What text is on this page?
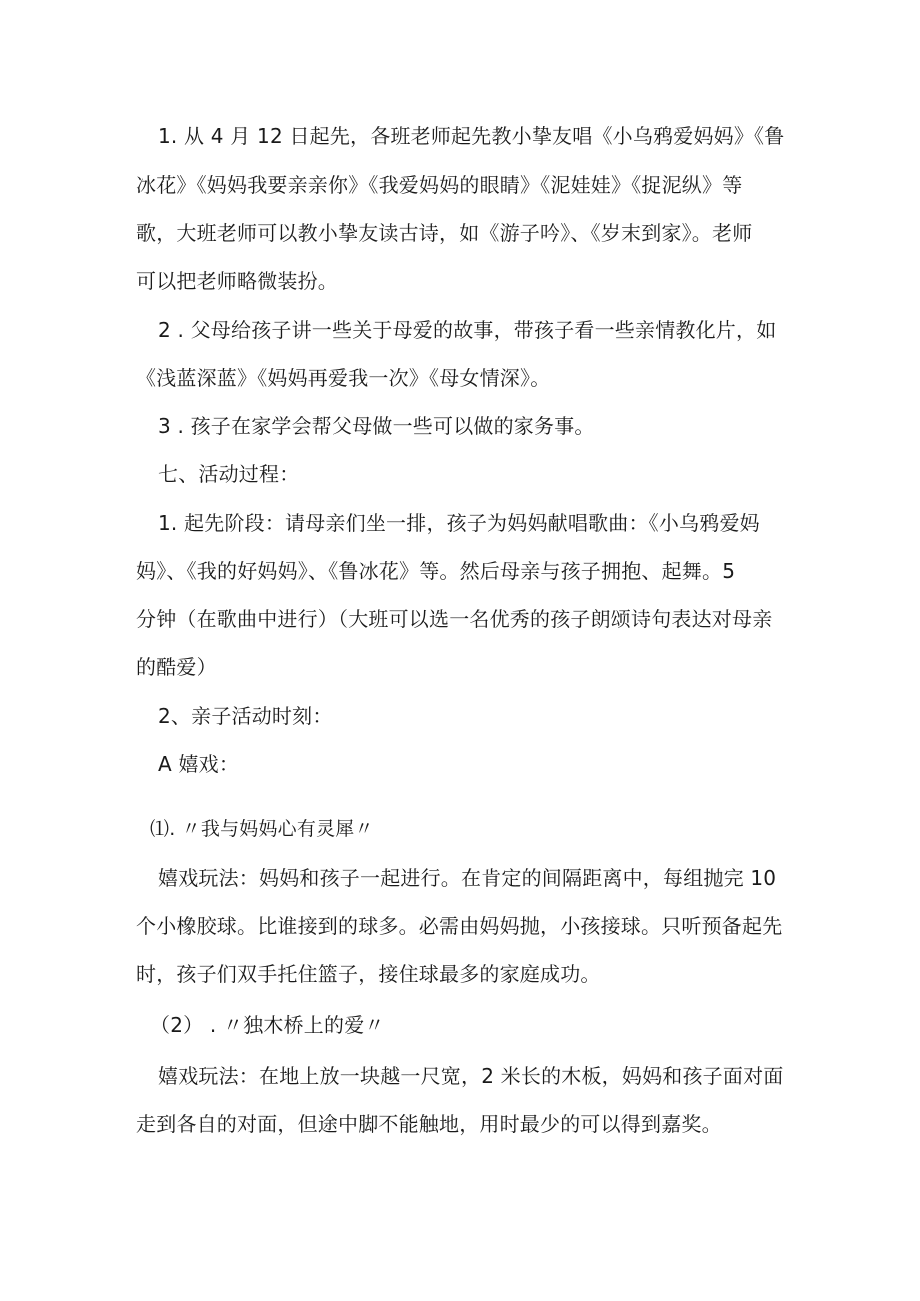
1. 从 4 月 12 日起先，各班老师起先教小挚友唱《小乌鸦爱妈妈》《鲁
冰花》《妈妈我要亲亲你》《我爱妈妈的眼睛》《泥娃娃》《捉泥纵》等
歌，大班老师可以教小挚友读古诗，如《游子吟》、《岁末到家》。老师
可以把老师略微装扮。
2 . 父母给孩子讲一些关于母爱的故事，带孩子看一些亲情教化片，如
《浅蓝深蓝》《妈妈再爱我一次》《母女情深》。
3 . 孩子在家学会帮父母做一些可以做的家务事。
七、活动过程：
1. 起先阶段：请母亲们坐一排，孩子为妈妈献唱歌曲：《小乌鸦爱妈
妈》、《我的好妈妈》、《鲁冰花》等。然后母亲与孩子拥抱、起舞。5
分钟（在歌曲中进行）（大班可以选一名优秀的孩子朗颂诗句表达对母亲
的酷爱）
2、亲子活动时刻：
A 嬉戏：
⑴. 〃我与妈妈心有灵犀〃
嬉戏玩法：妈妈和孩子一起进行。在肯定的间隔距离中，每组抛完 10
个小橡胶球。比谁接到的球多。必需由妈妈抛，小孩接球。只听预备起先
时，孩子们双手托住篮子，接住球最多的家庭成功。
（2） . 〃独木桥上的爱〃
嬉戏玩法：在地上放一块越一尺宽，2 米长的木板，妈妈和孩子面对面
走到各自的对面，但途中脚不能触地，用时最少的可以得到嘉奖。
